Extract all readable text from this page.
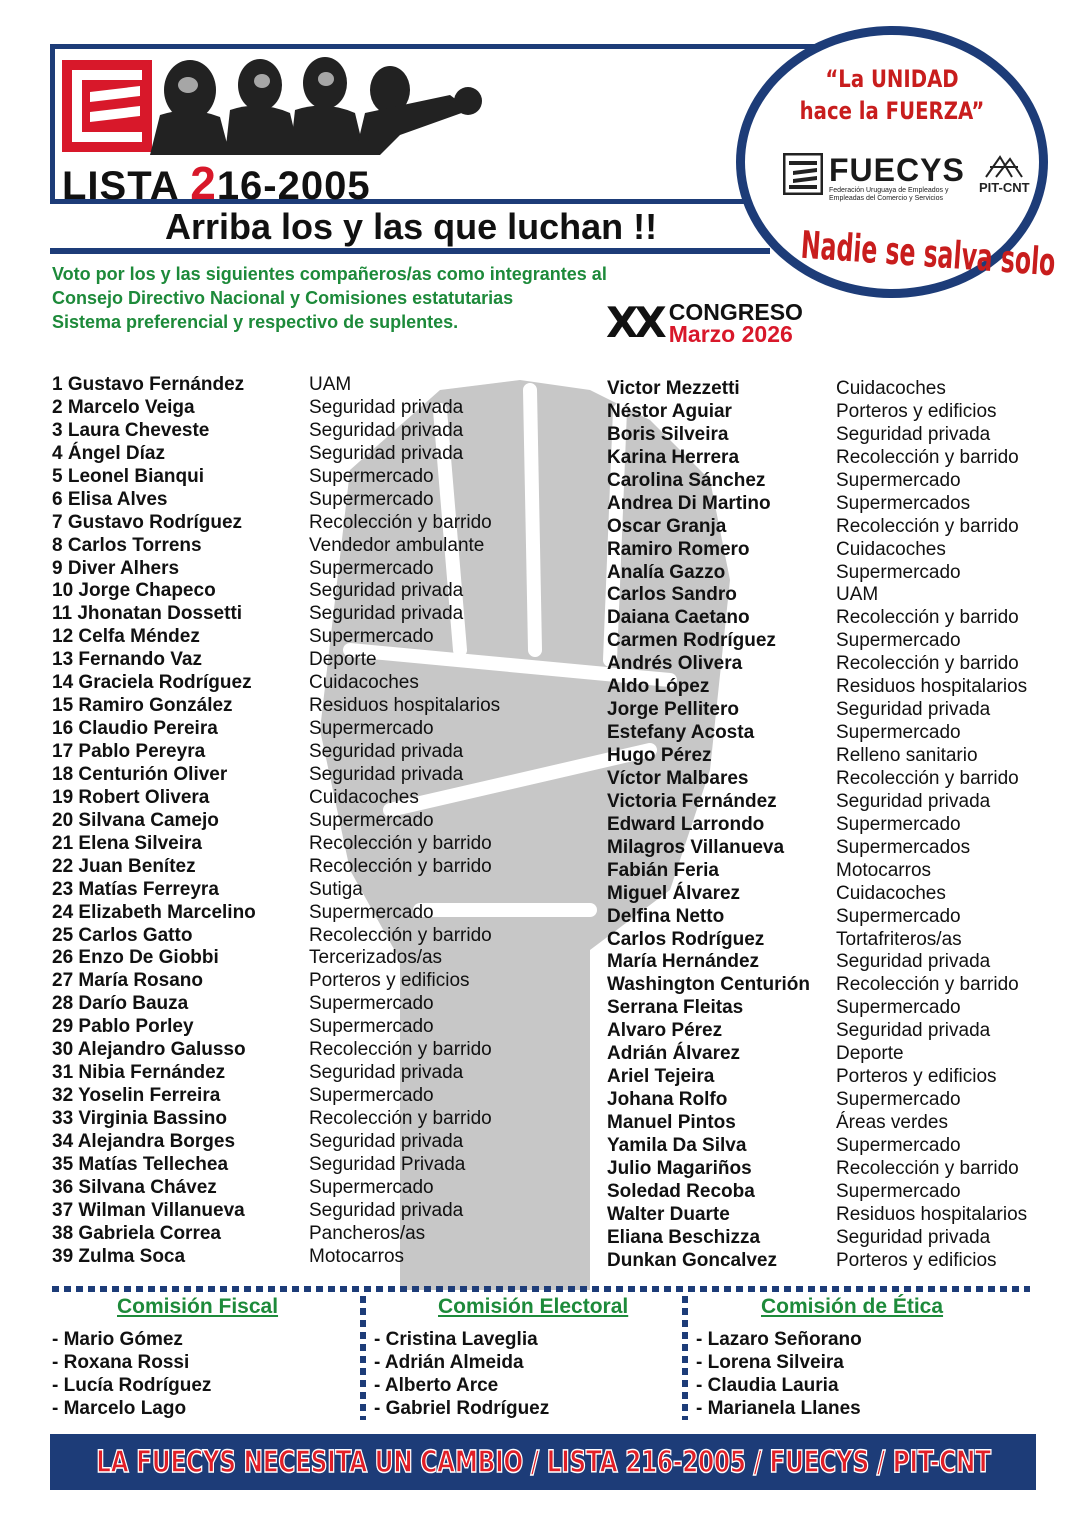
LISTA 216-2005
Arriba los y las que luchan !!
Voto por los y las siguientes compañeros/as como integrantes al
Consejo Directivo Nacional y Comisiones estatutarias
Sistema preferencial y respectivo de suplentes.	XX CONGRESO
Marzo 2026
“La UNIDAD
hace la FUERZA”
FUECYS
Federación Uruguaya de Empleados y Empleadas del Comercio y Servicios
PIT-CNT
Nadie se salva solo
1 Gustavo Fernández
2 Marcelo Veiga
3 Laura Cheveste
4 Ángel Díaz
5 Leonel Bianqui
6 Elisa Alves
7 Gustavo Rodríguez
8 Carlos Torrens
9 Diver Alhers
10 Jorge Chapeco
11 Jhonatan Dossetti
12 Celfa Méndez
13 Fernando Vaz
14 Graciela Rodríguez
15 Ramiro González
16 Claudio Pereira
17 Pablo Pereyra
18 Centurión Oliver
19 Robert Olivera
20 Silvana Camejo
21 Elena Silveira
22 Juan Benítez
23 Matías Ferreyra
24 Elizabeth Marcelino
25 Carlos Gatto
26 Enzo De Giobbi
27 María Rosano
28 Darío Bauza
29 Pablo Porley
30 Alejandro Galusso
31 Nibia Fernández
32 Yoselin Ferreira
33 Virginia Bassino
34 Alejandra Borges
35 Matías Tellechea
36 Silvana Chávez
37 Wilman Villanueva
38 Gabriela Correa
39 Zulma Soca
UAM
Seguridad privada
Seguridad privada
Seguridad privada
Supermercado
Supermercado
Recolección y barrido
Vendedor ambulante
Supermercado
Seguridad privada
Seguridad privada
Supermercado
Deporte
Cuidacoches
Residuos hospitalarios
Supermercado
Seguridad privada
Seguridad privada
Cuidacoches
Supermercado
Recolección y barrido
Recolección y barrido
Sutiga
Supermercado
Recolección y barrido
Tercerizados/as
Porteros y edificios
Supermercado
Supermercado
Recolección y barrido
Seguridad privada
Supermercado
Recolección y barrido
Seguridad privada
Seguridad Privada
Supermercado
Seguridad privada
Pancheros/as
Motocarros
Victor Mezzetti
Néstor Aguiar
Boris Silveira
Karina Herrera
Carolina Sánchez
Andrea Di Martino
Oscar Granja
Ramiro Romero
Analía Gazzo
Carlos Sandro
Daiana Caetano
Carmen Rodríguez
Andrés Olivera
Aldo López
Jorge Pellitero
Estefany Acosta
Hugo Pérez
Víctor Malbares
Victoria Fernández
Edward Larrondo
Milagros Villanueva
Fabián Feria
Miguel Álvarez
Delfina Netto
Carlos Rodríguez
María Hernández
Washington Centurión
Serrana Fleitas
Alvaro Pérez
Adrián Álvarez
Ariel Tejeira
Johana Rolfo
Manuel Pintos
Yamila Da Silva
Julio Magariños
Soledad Recoba
Walter Duarte
Eliana Beschizza
Dunkan Goncalvez
Cuidacoches
Porteros y edificios
Seguridad privada
Recolección y barrido
Supermercado
Supermercados
Recolección y barrido
Cuidacoches
Supermercado
UAM
Recolección y barrido
Supermercado
Recolección y barrido
Residuos hospitalarios
Seguridad privada
Supermercado
Relleno sanitario
Recolección y barrido
Seguridad privada
Supermercado
Supermercados
Motocarros
Cuidacoches
Supermercado
Tortafriteros/as
Seguridad privada
Recolección y barrido
Supermercado
Seguridad privada
Deporte
Porteros y edificios
Supermercado
Áreas verdes
Supermercado
Recolección y barrido
Supermercado
Residuos hospitalarios
Seguridad privada
Porteros y edificios
Comisión Fiscal
- Mario Gómez
- Roxana Rossi
- Lucía Rodríguez
- Marcelo Lago
Comisión Electoral
- Cristina Laveglia
- Adrián Almeida
- Alberto Arce
- Gabriel Rodríguez
Comisión de Ética
- Lazaro Señorano
- Lorena Silveira
- Claudia Lauria
- Marianela Llanes
LA FUECYS NECESITA UN CAMBIO / LISTA 216-2005 / FUECYS / PIT-CNT
